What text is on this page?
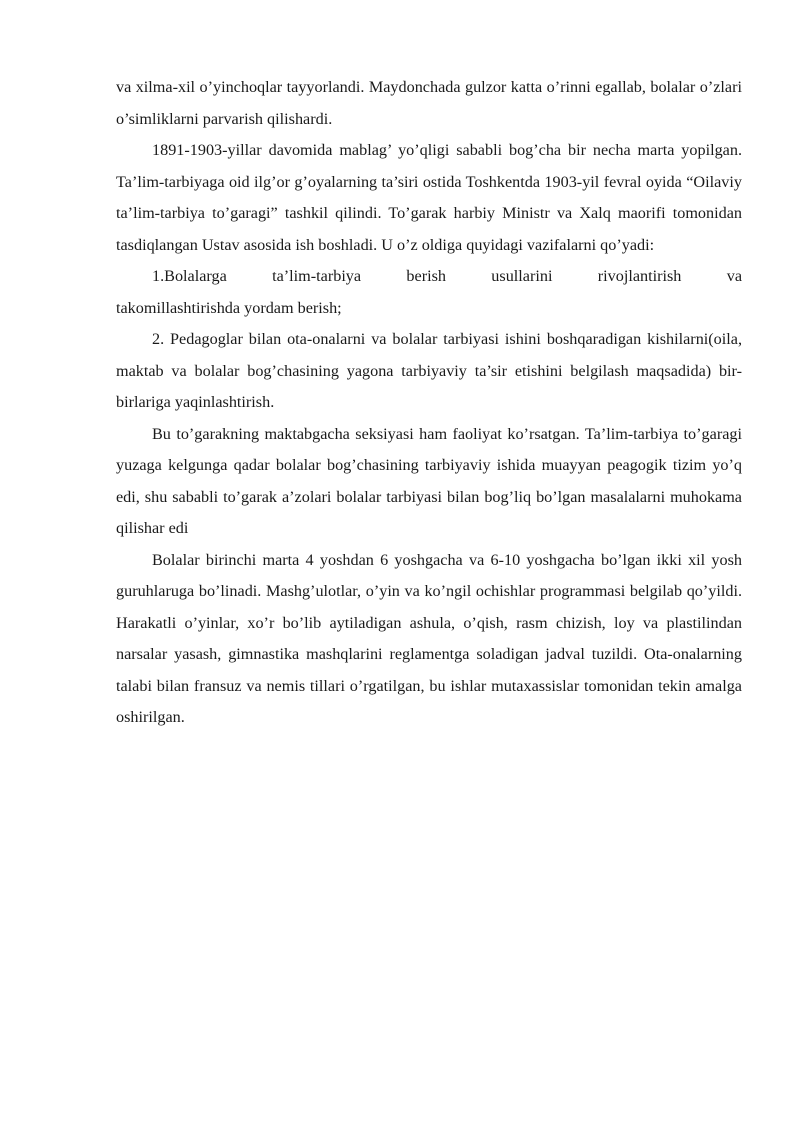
va xilma-xil o’yinchoqlar tayyorlandi. Maydonchada gulzor katta o’rinni egallab, bolalar o’zlari o’simliklarni parvarish qilishardi.

1891-1903-yillar davomida mablag’ yo’qligi sababli bog’cha bir necha marta yopilgan. Ta’lim-tarbiyaga oid ilg’or g’oyalarning ta’siri ostida Toshkentda 1903-yil fevral oyida “Oilaviy ta’lim-tarbiya to’garagi” tashkil qilindi. To’garak harbiy Ministr va Xalq maorifi tomonidan tasdiqlangan Ustav asosida ish boshladi. U o’z oldiga quyidagi vazifalarni qo’yadi:

1.Bolalarga ta’lim-tarbiya berish usullarini rivojlantirish va

takomillashtirishda yordam berish;

2. Pedagoglar bilan ota-onalarni va bolalar tarbiyasi ishini boshqaradigan kishilarni(oila, maktab va bolalar bog’chasining yagona tarbiyaviy ta’sir etishini belgilash maqsadida) bir-birlariga yaqinlashtirish.

Bu to’garakning maktabgacha seksiyasi ham faoliyat ko’rsatgan. Ta’lim-tarbiya to’garagi yuzaga kelgunga qadar bolalar bog’chasining tarbiyaviy ishida muayyan peagogik tizim yo’q edi, shu sababli to’garak a’zolari bolalar tarbiyasi bilan bog’liq bo’lgan masalalarni muhokama qilishar edi

Bolalar birinchi marta 4 yoshdan 6 yoshgacha va 6-10 yoshgacha bo’lgan ikki xil yosh guruhlaruga bo’linadi. Mashg’ulotlar, o’yin va ko’ngil ochishlar programmasi belgilab qo’yildi. Harakatli o’yinlar, xo’r bo’lib aytiladigan ashula, o’qish, rasm chizish, loy va plastilindan narsalar yasash, gimnastika mashqlarini reglamentga soladigan jadval tuzildi. Ota-onalarning talabi bilan fransuz va nemis tillari o’rgatilgan, bu ishlar mutaxassislar tomonidan tekin amalga oshirilgan.
